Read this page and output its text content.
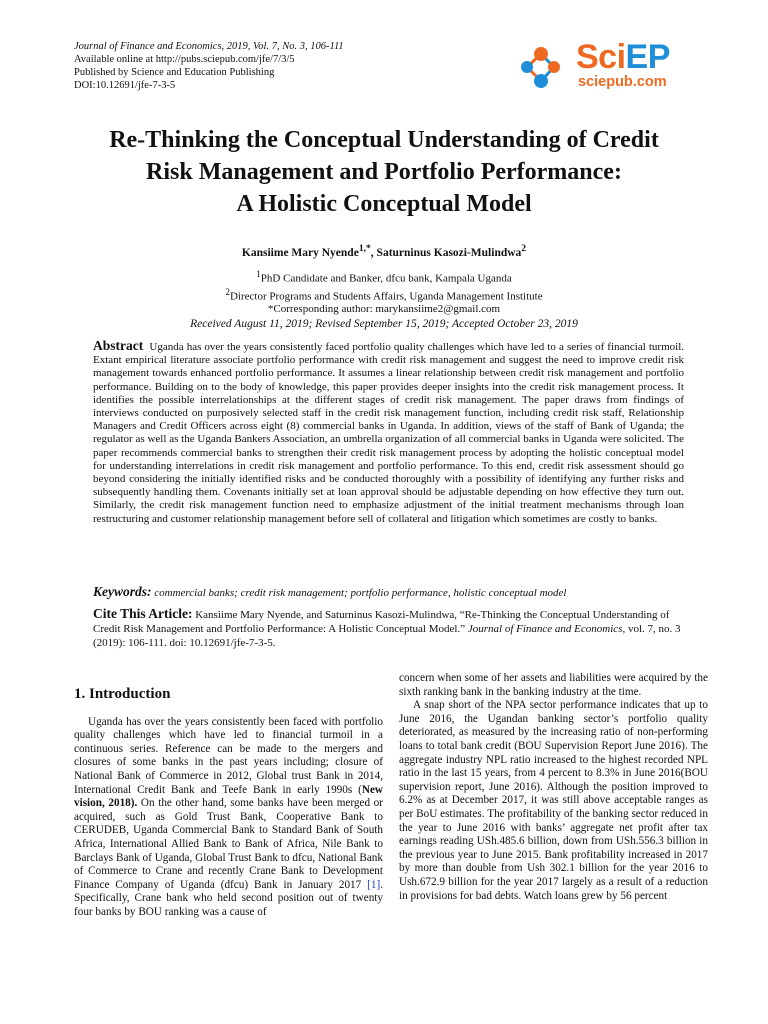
Journal of Finance and Economics, 2019, Vol. 7, No. 3, 106-111
Available online at http://pubs.sciepub.com/jfe/7/3/5
Published by Science and Education Publishing
DOI:10.12691/jfe-7-3-5
SciEP
sciepub.com
Re-Thinking the Conceptual Understanding of Credit
Risk Management and Portfolio Performance:
A Holistic Conceptual Model
Kansiime Mary Nyende$^{1,*}$, Saturninus Kasozi-Mulindwa$^2$
$^1$PhD Candidate and Banker, dfcu bank, Kampala Uganda
$^2$Director Programs and Students Affairs, Uganda Management Institute
*Corresponding author: marykansiime2@gmail.com
Received August 11, 2019; Revised September 15, 2019; Accepted October 23, 2019
Abstract Uganda has over the years consistently faced portfolio quality challenges which have led to a series of financial turmoil. Extant empirical literature associate portfolio performance with credit risk management and suggest the need to improve credit risk management towards enhanced portfolio performance. It assumes a linear relationship between credit risk management and portfolio performance. Building on to the body of knowledge, this paper provides deeper insights into the credit risk management process. It identifies the possible interrelationships at the different stages of credit risk management. The paper draws from findings of interviews conducted on purposively selected staff in the credit risk management function, including credit risk staff, Relationship Managers and Credit Officers across eight (8) commercial banks in Uganda. In addition, views of the staff of Bank of Uganda; the regulator as well as the Uganda Bankers Association, an umbrella organization of all commercial banks in Uganda were solicited. The paper recommends commercial banks to strengthen their credit risk management process by adopting the holistic conceptual model for understanding interrelations in credit risk management and portfolio performance. To this end, credit risk assessment should go beyond considering the initially identified risks and be conducted thoroughly with a possibility of identifying any further risks and subsequently handling them. Covenants initially set at loan approval should be adjustable depending on how effective they turn out. Similarly, the credit risk management function need to emphasize adjustment of the initial treatment mechanisms through loan restructuring and customer relationship management before sell of collateral and litigation which sometimes are costly to banks.
Keywords: commercial banks; credit risk management; portfolio performance, holistic conceptual model
Cite This Article: Kansiime Mary Nyende, and Saturninus Kasozi-Mulindwa, “Re-Thinking the Conceptual Understanding of Credit Risk Management and Portfolio Performance: A Holistic Conceptual Model.” Journal of Finance and Economics, vol. 7, no. 3 (2019): 106-111. doi: 10.12691/jfe-7-3-5.
1. Introduction

Uganda has over the years consistently been faced with portfolio quality challenges which have led to financial turmoil in a continuous series. Reference can be made to the mergers and closures of some banks in the past years including; closure of National Bank of Commerce in 2012, Global trust Bank in 2014, International Credit Bank and Teefe Bank in early 1990s (New vision, 2018). On the other hand, some banks have been merged or acquired, such as Gold Trust Bank, Cooperative Bank to CERUDEB, Uganda Commercial Bank to Standard Bank of South Africa, International Allied Bank to Bank of Africa, Nile Bank to Barclays Bank of Uganda, Global Trust Bank to dfcu, National Bank of Commerce to Crane and recently Crane Bank to Development Finance Company of Uganda (dfcu) Bank in January 2017 [1]. Specifically, Crane bank who held second position out of twenty four banks by BOU ranking was a cause of

concern when some of her assets and liabilities were acquired by the sixth ranking bank in the banking industry at the time.

A snap short of the NPA sector performance indicates that up to June 2016, the Ugandan banking sector’s portfolio quality deteriorated, as measured by the increasing ratio of non-performing loans to total bank credit (BOU Supervision Report June 2016). The aggregate industry NPL ratio increased to the highest recorded NPL ratio in the last 15 years, from 4 percent to 8.3% in June 2016(BOU supervision report, June 2016). Although the position improved to 6.2% as at December 2017, it was still above acceptable ranges as per BoU estimates. The profitability of the banking sector reduced in the year to June 2016 with banks’ aggregate net profit after tax earnings reading USh.485.6 billion, down from USh.556.3 billion in the previous year to June 2015. Bank profitability increased in 2017 by more than double from Ush 302.1 billion for the year 2016 to Ush.672.9 billion for the year 2017 largely as a result of a reduction in provisions for bad debts. Watch loans grew by 56 percent
